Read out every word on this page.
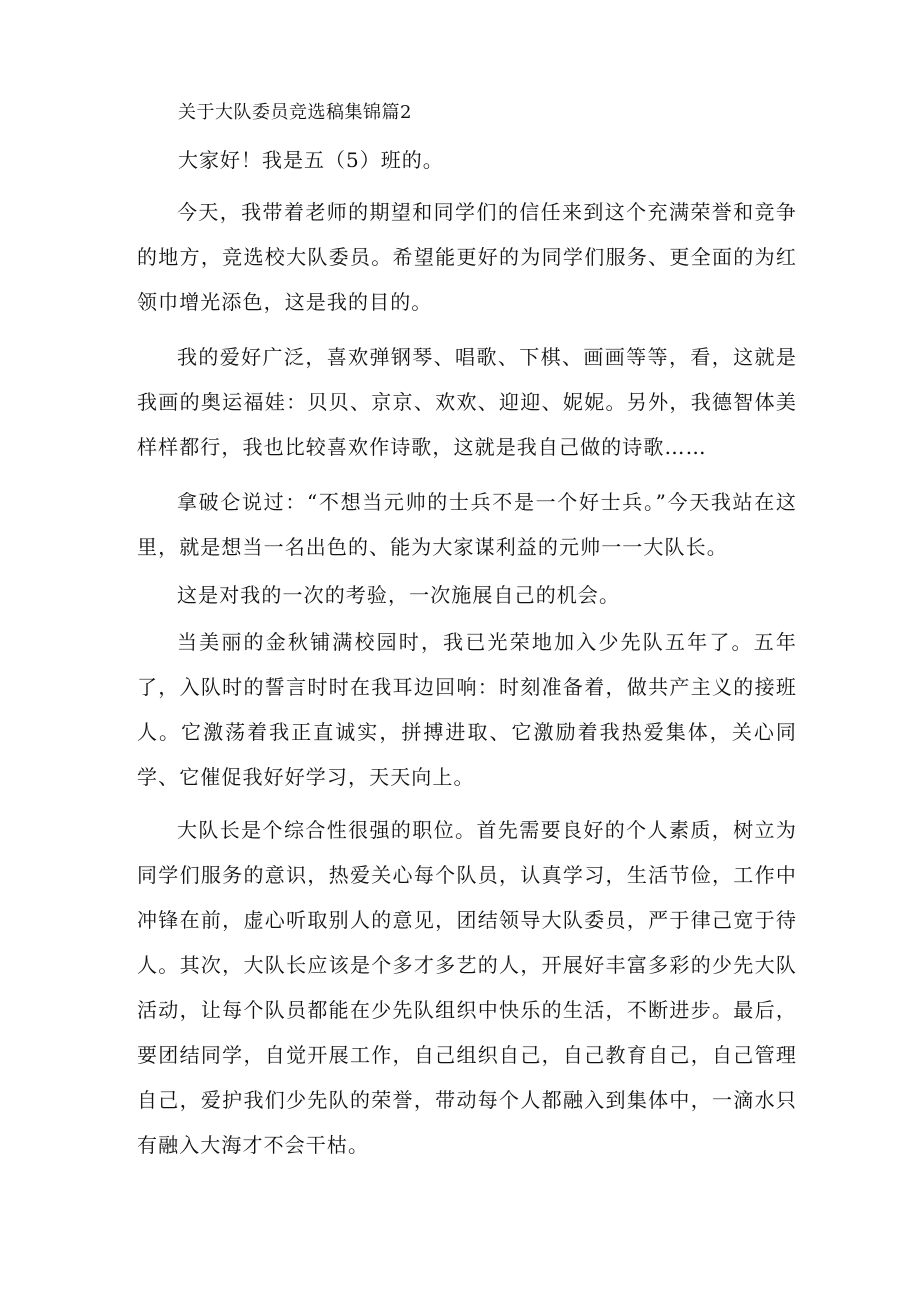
关于大队委员竞选稿集锦篇2
大家好！我是五（5）班的。

今天，我带着老师的期望和同学们的信任来到这个充满荣誉和竞争的地方，竞选校大队委员。希望能更好的为同学们服务、更全面的为红领巾增光添色，这是我的目的。

我的爱好广泛，喜欢弹钢琴、唱歌、下棋、画画等等，看，这就是我画的奥运福娃：贝贝、京京、欢欢、迎迎、妮妮。另外，我德智体美样样都行，我也比较喜欢作诗歌，这就是我自己做的诗歌……

拿破仑说过：“不想当元帅的士兵不是一个好士兵。”今天我站在这里，就是想当一名出色的、能为大家谋利益的元帅一一大队长。

这是对我的一次的考验，一次施展自己的机会。

当美丽的金秋铺满校园时，我已光荣地加入少先队五年了。五年了，入队时的誓言时时在我耳边回响：时刻准备着，做共产主义的接班人。它激荡着我正直诚实，拼搏进取、它激励着我热爱集体，关心同学、它催促我好好学习，天天向上。

大队长是个综合性很强的职位。首先需要良好的个人素质，树立为同学们服务的意识，热爱关心每个队员，认真学习，生活节俭，工作中冲锋在前，虚心听取别人的意见，团结领导大队委员，严于律己宽于待人。其次，大队长应该是个多才多艺的人，开展好丰富多彩的少先大队活动，让每个队员都能在少先队组织中快乐的生活，不断进步。最后，要团结同学，自觉开展工作，自己组织自己，自己教育自己，自己管理自己，爱护我们少先队的荣誉，带动每个人都融入到集体中，一滴水只有融入大海才不会干枯。
